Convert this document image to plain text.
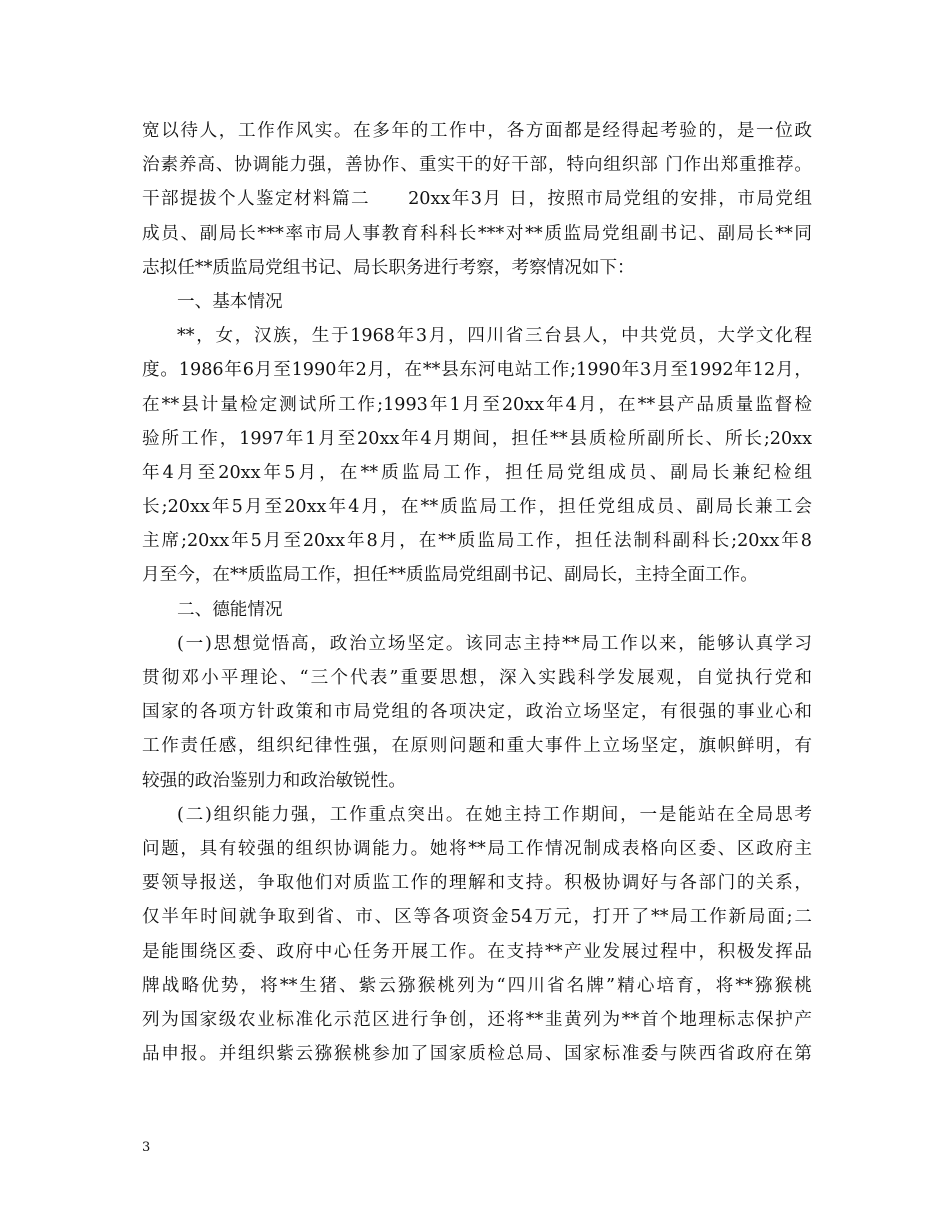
宽以待人，工作作风实。在多年的工作中，各方面都是经得起考验的，是一位政
治素养高、协调能力强，善协作、重实干的好干部，特向组织部 门作出郑重推荐。
干部提拔个人鉴定材料篇二　　20xx年3月 日，按照市局党组的安排，市局党组
成员、副局长***率市局人事教育科科长***对**质监局党组副书记、副局长**同
志拟任**质监局党组书记、局长职务进行考察，考察情况如下：
一、基本情况
**，女，汉族，生于1968年3月，四川省三台县人，中共党员，大学文化程
度。1986年6月至1990年2月，在**县东河电站工作;1990年3月至1992年12月，
在**县计量检定测试所工作;1993年1月至20xx年4月，在**县产品质量监督检
验所工作，1997年1月至20xx年4月期间，担任**县质检所副所长、所长;20xx
年4月至20xx年5月，在**质监局工作，担任局党组成员、副局长兼纪检组
长;20xx年5月至20xx年4月，在**质监局工作，担任党组成员、副局长兼工会
主席;20xx年5月至20xx年8月，在**质监局工作，担任法制科副科长;20xx年8
月至今，在**质监局工作，担任**质监局党组副书记、副局长，主持全面工作。
二、德能情况
(一)思想觉悟高，政治立场坚定。该同志主持**局工作以来，能够认真学习
贯彻邓小平理论、“三个代表”重要思想，深入实践科学发展观，自觉执行党和
国家的各项方针政策和市局党组的各项决定，政治立场坚定，有很强的事业心和
工作责任感，组织纪律性强，在原则问题和重大事件上立场坚定，旗帜鲜明，有
较强的政治鉴别力和政治敏锐性。
(二)组织能力强，工作重点突出。在她主持工作期间，一是能站在全局思考
问题，具有较强的组织协调能力。她将**局工作情况制成表格向区委、区政府主
要领导报送，争取他们对质监工作的理解和支持。积极协调好与各部门的关系，
仅半年时间就争取到省、市、区等各项资金54万元，打开了**局工作新局面;二
是能围绕区委、政府中心任务开展工作。在支持**产业发展过程中，积极发挥品
牌战略优势，将**生猪、紫云猕猴桃列为“四川省名牌”精心培育，将**猕猴桃
列为国家级农业标准化示范区进行争创，还将**韭黄列为**首个地理标志保护产
品申报。并组织紫云猕猴桃参加了国家质检总局、国家标准委与陕西省政府在第
3
